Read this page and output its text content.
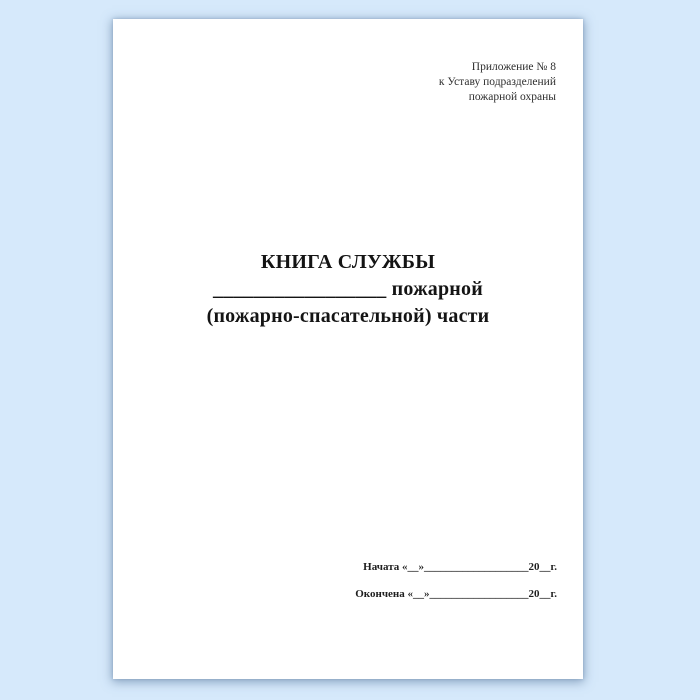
Приложение № 8
к Уставу подразделений
пожарной охраны
КНИГА СЛУЖБЫ
_________________ пожарной
(пожарно-спасательной) части
Начата «__»___________________20__г.
Окончена «__»__________________20__г.
